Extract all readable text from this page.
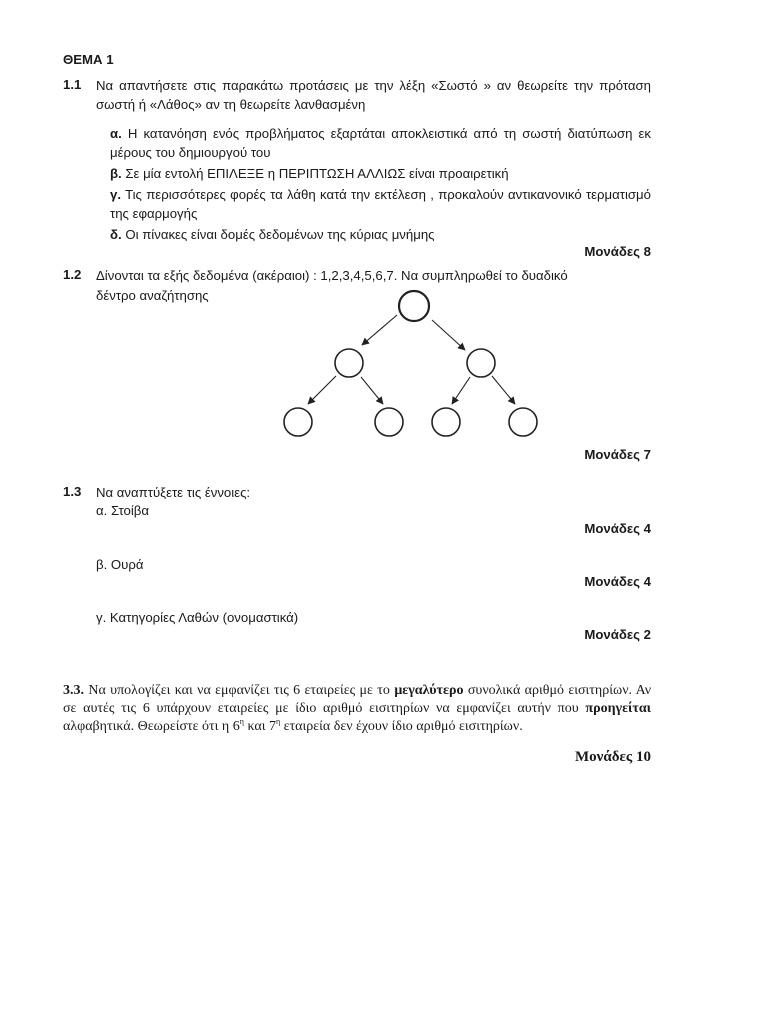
ΘΕΜΑ 1
1.1 Να απαντήσετε στις παρακάτω προτάσεις με την λέξη «Σωστό » αν θεωρείτε την πρόταση σωστή ή «Λάθος» αν τη θεωρείτε λανθασμένη

α. Η κατανόηση ενός προβλήματος εξαρτάται αποκλειστικά από τη σωστή διατύπωση εκ μέρους του δημιουργού του

β. Σε μία εντολή ΕΠΙΛΕΞΕ η ΠΕΡΙΠΤΩΣΗ ΑΛΛΙΩΣ είναι προαιρετική

γ. Τις περισσότερες φορές τα λάθη κατά την εκτέλεση , προκαλούν αντικανονικό τερματισμό της εφαρμογής

δ. Οι πίνακες είναι δομές δεδομένων της κύριας μνήμης

Μονάδες 8
1.2 Δίνονται τα εξής δεδομένα (ακέραιοι) : 1,2,3,4,5,6,7. Να συμπληρωθεί το δυαδικό

δέντρο αναζήτησης

Μονάδες 7
1.3 Να αναπτύξετε τις έννοιες:

α. Στοίβα

Μονάδες 4

β. Ουρά

Μονάδες 4

γ. Κατηγορίες Λαθών (ονομαστικά)

Μονάδες 2

3.3. Να υπολογίζει και να εμφανίζει τις 6 εταιρείες με το μεγαλύτερο συνολικά αριθμό εισιτηρίων. Αν σε αυτές τις 6 υπάρχουν εταιρείες με ίδιο αριθμό εισιτηρίων να εμφανίζει αυτήν που προηγείται αλφαβητικά. Θεωρείστε ότι η $6^\eta$ και $7^\eta$ εταιρεία δεν έχουν ίδιο αριθμό εισιτηρίων.

Μονάδες 10
